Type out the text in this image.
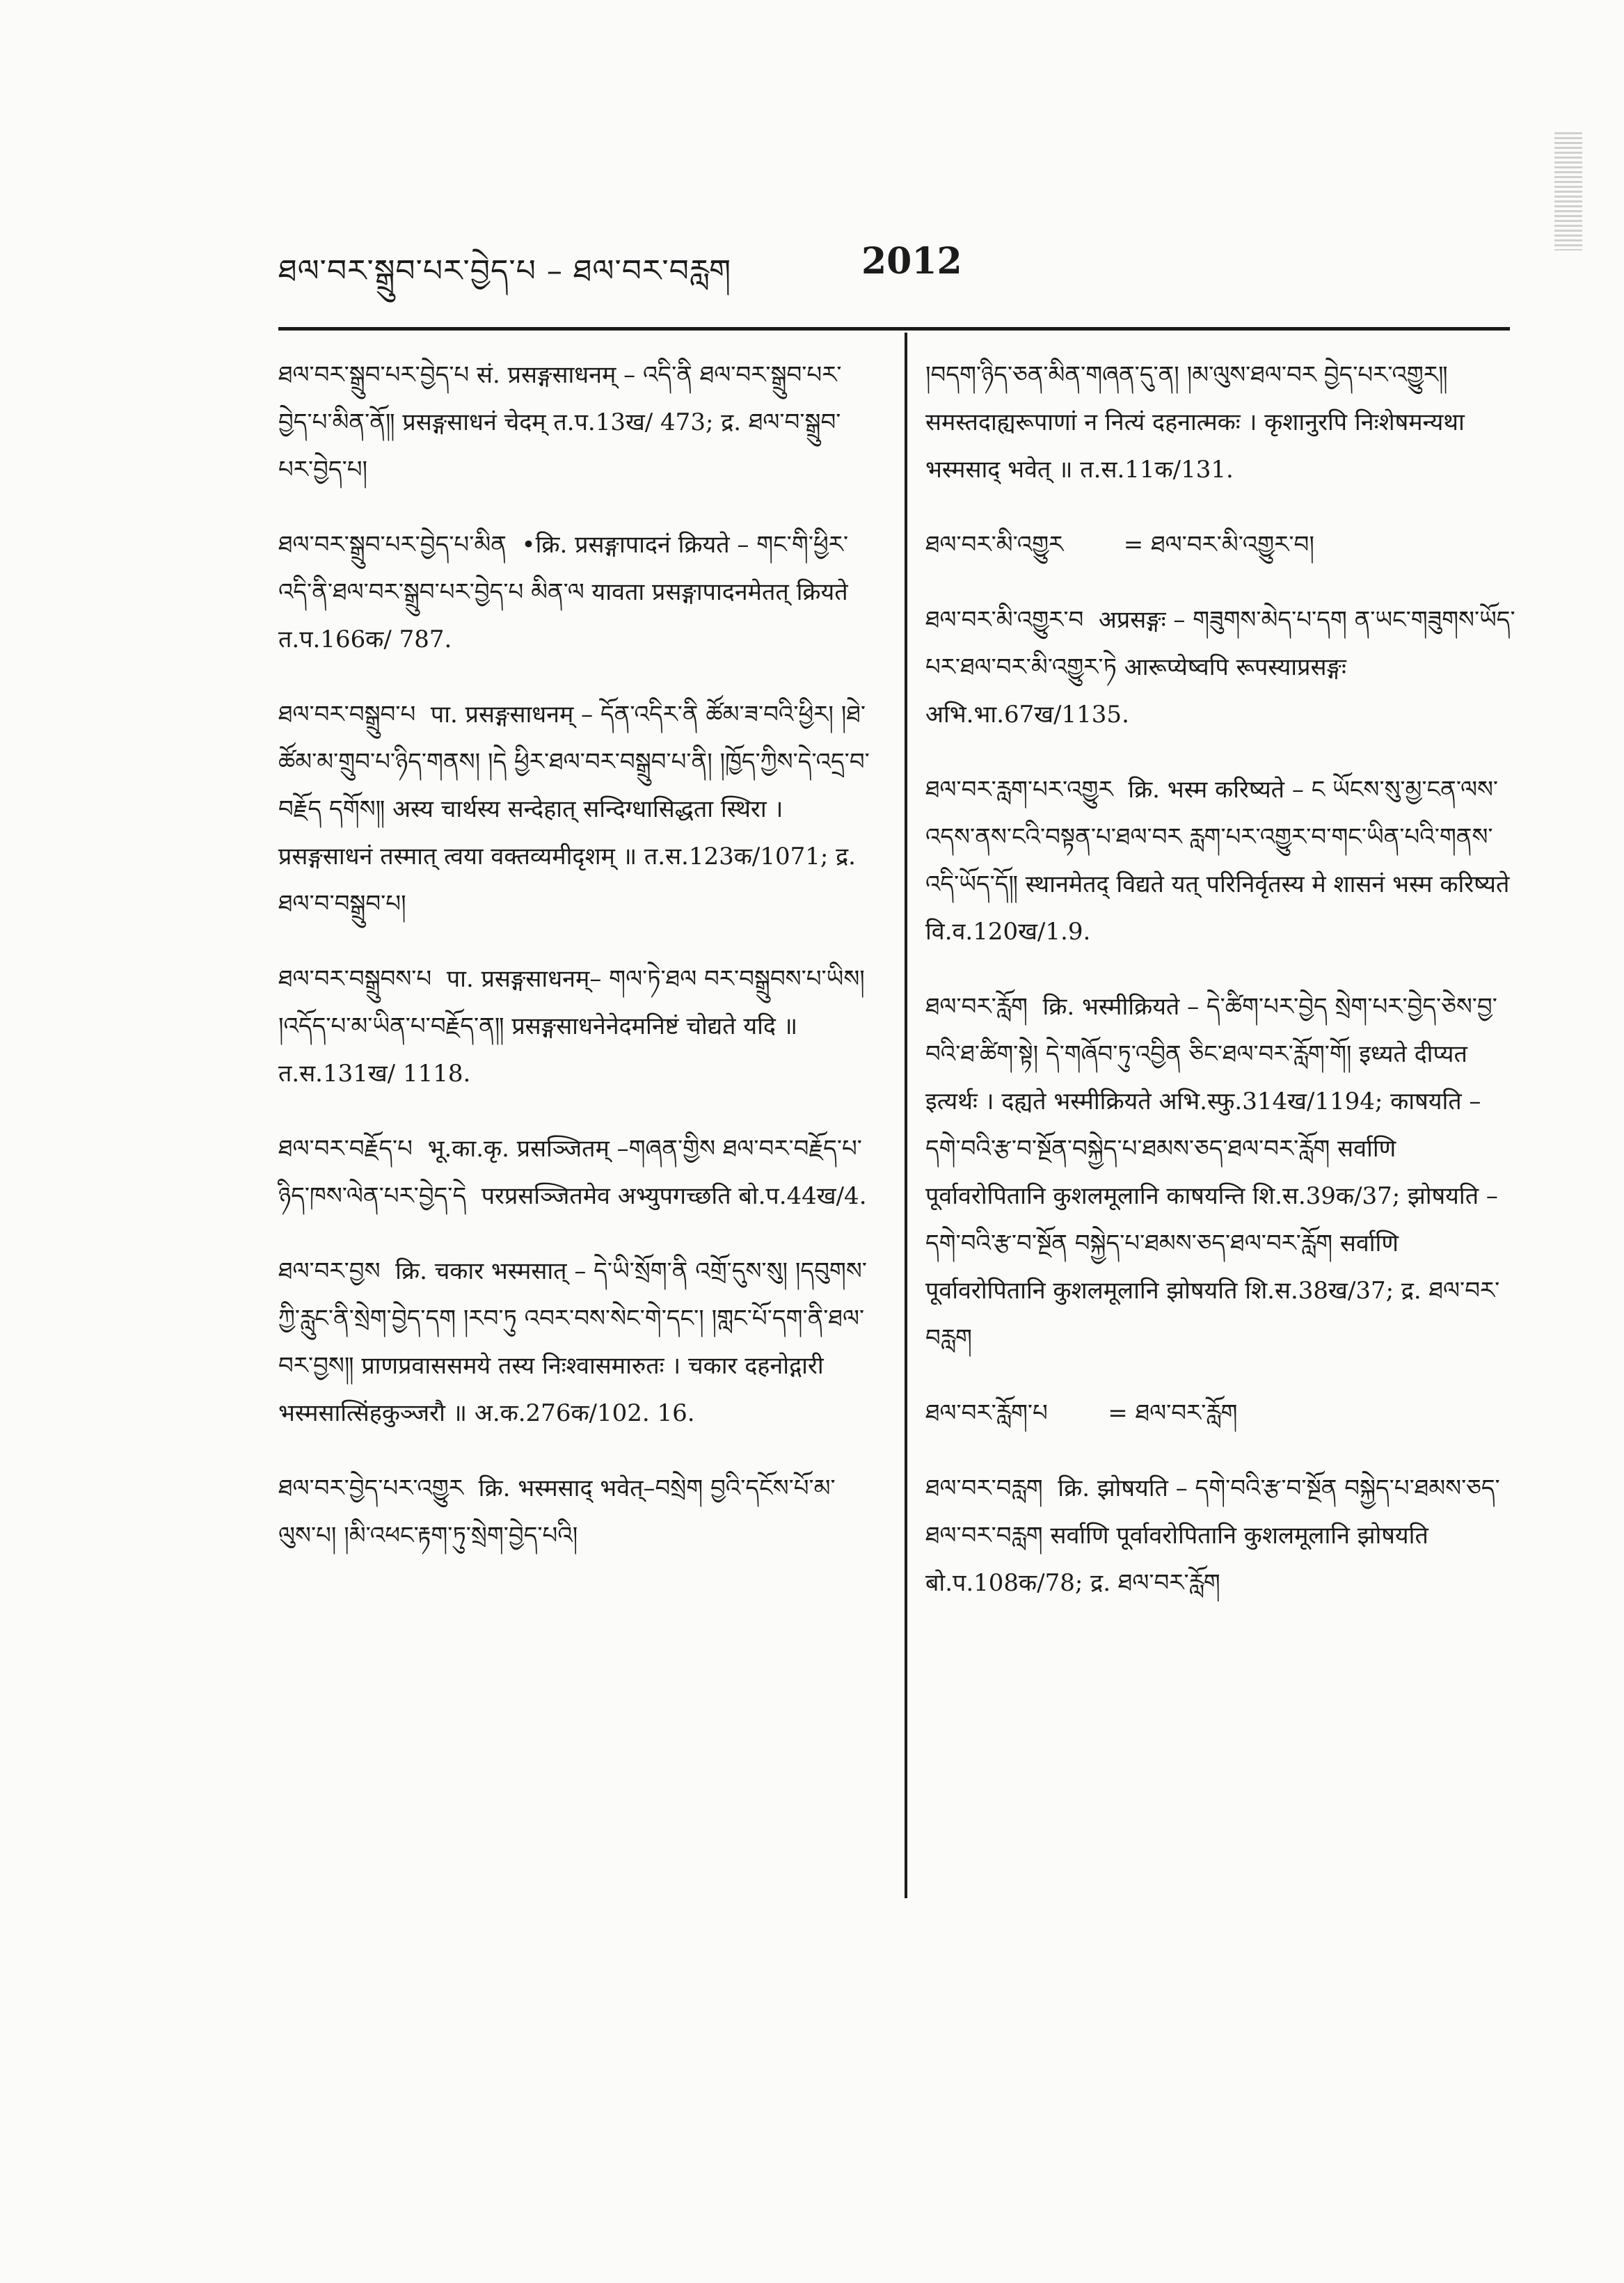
ཐལ་བར་སྒྲུབ་པར་བྱེད་པ – ཐལ་བར་བརླག	2012
ཐལ་བར་སྒྲུབ་པར་བྱེད་པ सं. प्रसङ्गसाधनम् – འདི་ནི ཐལ་བར་སྒྲུབ་པར་བྱེད་པ་མིན་ནོ༎ प्रसङ्गसाधनं चेदम् त.प.13ख/ 473; द्र. ཐལ་བ་སྒྲུབ་པར་བྱེད་པ།
ཐལ་བར་སྒྲུབ་པར་བྱེད་པ་མིན  •क्रि. प्रसङ्गापादनं क्रियते – གང་གི་ཕྱིར་འདི་ནི་ཐལ་བར་སྒྲུབ་པར་བྱེད་པ མིན་ལ यावता प्रसङ्गापादनमेतत् क्रियते त.प.166क/ 787.
ཐལ་བར་བསྒྲུབ་པ  पा. प्रसङ्गसाधनम् – དོན་འདིར་ནི ཚོམ་ཟ་བའི་ཕྱིར། །ཐེ་ཚོམ་མ་གྲུབ་པ་ཉིད་གནས། །དེ ཕྱིར་ཐལ་བར་བསྒྲུབ་པ་ནི། །ཁྱོད་ཀྱིས་དེ་འདྲ་བ་བརྗོད དགོས༎ अस्य चार्थस्य सन्देहात् सन्दिग्धासिद्धता स्थिरा । प्रसङ्गसाधनं तस्मात् त्वया वक्तव्यमीदृशम् ॥ त.स.123क/1071; द्र. ཐལ་བ་བསྒྲུབ་པ།
ཐལ་བར་བསྒྲུབས་པ  पा. प्रसङ्गसाधनम्– གལ་ཏེ་ཐལ བར་བསྒྲུབས་པ་ཡིས། །འདོད་པ་མ་ཡིན་པ་བརྗོད་ན༎ प्रसङ्गसाधनेनेदमनिष्टं चोद्यते यदि ॥ त.स.131ख/ 1118.
ཐལ་བར་བརྗོད་པ  भू.का.कृ. प्रसञ्जितम् –གཞན་གྱིས ཐལ་བར་བརྗོད་པ་ཉིད་ཁས་ལེན་པར་བྱེད་དེ  परप्रसञ्जितमेव अभ्युपगच्छति बो.प.44ख/4.
ཐལ་བར་བྱས  क्रि. चकार भस्मसात् – དེ་ཡི་སྲོག་ནི འགྲོ་དུས་སུ། །དབུགས་ཀྱི་རླུང་ནི་སྲེག་བྱེད་དག །རབ་ཏུ འབར་བས་སེང་གེ་དང་། །གླང་པོ་དག་ནི་ཐལ་བར་བྱས༎ प्राणप्रवाससमये तस्य निःश्वासमारुतः । चकार दहनोद्गारी भस्मसात्सिंहकुञ्जरौ ॥ अ.क.276क/102. 16.
ཐལ་བར་བྱེད་པར་འགྱུར  क्रि. भस्मसाद् भवेत्–བསྲེག བྱའི་དངོས་པོ་མ་ལུས་པ། །མི་འཕང་རྟག་ཏུ་སྲེག་བྱེད་པའི།
།བདག་ཉིད་ཅན་མིན་གཞན་དུ་ན། །མ་ལུས་ཐལ་བར བྱེད་པར་འགྱུར༎ समस्तदाह्यरूपाणां न नित्यं दहनात्मकः । कृशानुरपि निःशेषमन्यथा भस्मसाद् भवेत् ॥ त.स.11क/131.
ཐལ་བར་མི་འགྱུར        = ཐལ་བར་མི་འགྱུར་བ།
ཐལ་བར་མི་འགྱུར་བ  अप्रसङ्गः – གཟུགས་མེད་པ་དག ན་ཡང་གཟུགས་ཡོད་པར་ཐལ་བར་མི་འགྱུར་ཏེ आरूप्येष्वपि रूपस्याप्रसङ्गः अभि.भा.67ख/1135.
ཐལ་བར་རླག་པར་འགྱུར  क्रि. भस्म करिष्यते – ང ཡོངས་སུ་མྱ་ངན་ལས་འདས་ནས་ངའི་བསྟན་པ་ཐལ་བར རླག་པར་འགྱུར་བ་གང་ཡིན་པའི་གནས་འདི་ཡོད་དོ༎ स्थानमेतद् विद्यते यत् परिनिर्वृतस्य मे शासनं भस्म करिष्यते वि.व.120ख/1.9.
ཐལ་བར་རློག  क्रि. भस्मीक्रियते – དེ་ཚིག་པར་བྱེད སྲེག་པར་བྱེད་ཅེས་བྱ་བའི་ཐ་ཚིག་སྟེ། དེ་གཞོབ་ཏུ་འབྱིན ཅིང་ཐལ་བར་རློག་གོ། इध्यते दीप्यत इत्यर्थः । दह्यते भस्मीक्रियते अभि.स्फु.314ख/1194; काषयति – དགེ་བའི་རྩ་བ་སྔོན་བསྐྱེད་པ་ཐམས་ཅད་ཐལ་བར་རློག सर्वाणि पूर्वावरोपितानि कुशलमूलानि काषयन्ति शि.स.39क/37; झोषयति – དགེ་བའི་རྩ་བ་སྔོན བསྐྱེད་པ་ཐམས་ཅད་ཐལ་བར་རློག सर्वाणि पूर्वावरोपितानि कुशलमूलानि झोषयति शि.स.38ख/37; द्र. ཐལ་བར་བརླག
ཐལ་བར་རློག་པ        = ཐལ་བར་རློག
ཐལ་བར་བརླག  क्रि. झोषयति – དགེ་བའི་རྩ་བ་སྔོན བསྐྱེད་པ་ཐམས་ཅད་ཐལ་བར་བརླག सर्वाणि पूर्वावरोपितानि कुशलमूलानि झोषयति बो.प.108क/78; द्र. ཐལ་བར་རློག
